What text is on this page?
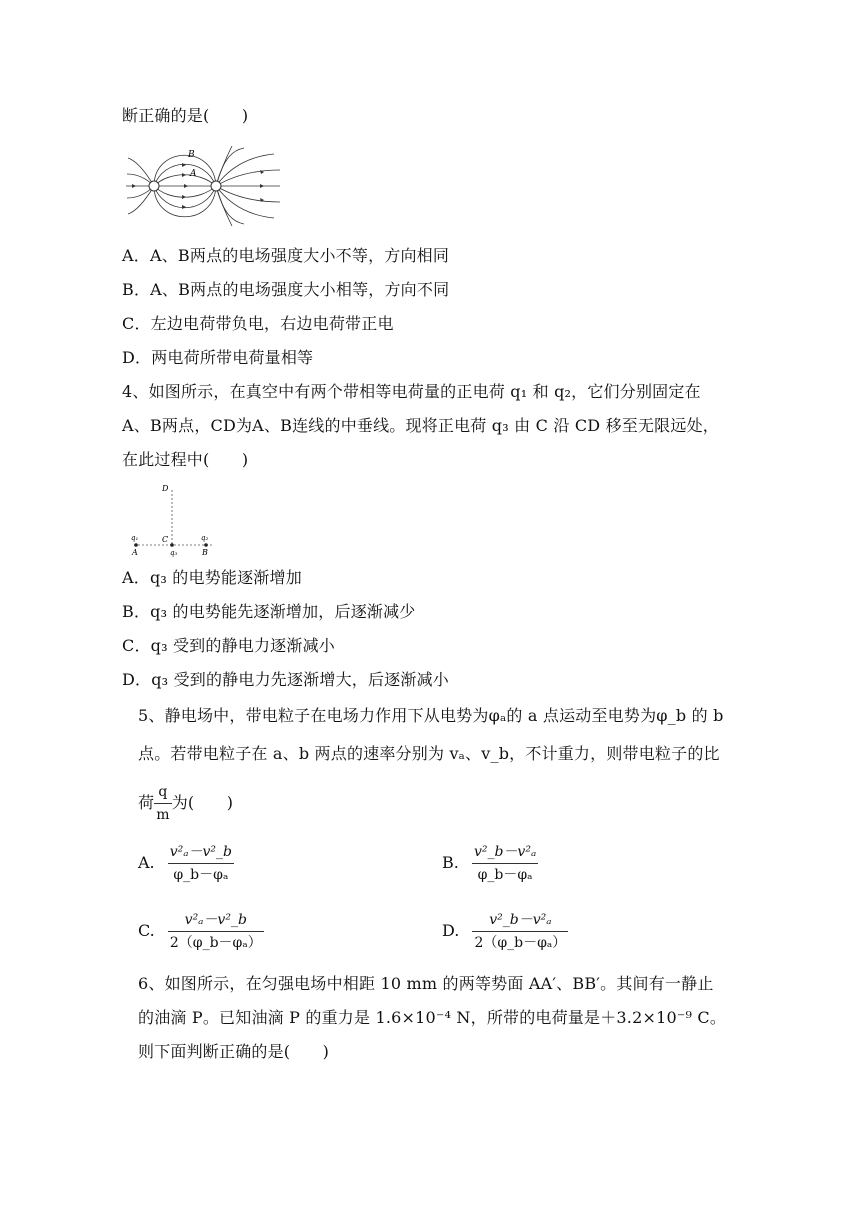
断正确的是(　　)
B
A
A．A、B两点的电场强度大小不等，方向相同
B．A、B两点的电场强度大小相等，方向不同
C．左边电荷带负电，右边电荷带正电
D．两电荷所带电荷量相等
4、如图所示，在真空中有两个带相等电荷量的正电荷 q₁ 和 q₂，它们分别固定在
A、B两点，CD为A、B连线的中垂线。现将正电荷 q₃ 由 C 沿 CD 移至无限远处，
在此过程中(　　)
D
C
q₁	q₂
q₃
A	B
A．q₃ 的电势能逐渐增加
B．q₃ 的电势能先逐渐增加，后逐渐减少
C．q₃ 受到的静电力逐渐减小
D．q₃ 受到的静电力先逐渐增大，后逐渐减小
5、静电场中，带电粒子在电场力作用下从电势为φₐ的 a 点运动至电势为φ_b 的 b
点。若带电粒子在 a、b 两点的速率分别为 vₐ、v_b，不计重力，则带电粒子的比
荷 $\frac{q}{m}$ 为(　　)
A. $\frac{\text{v²ₐ－v²\_b}}{\text{φ\_b－φₐ}}$	B. $\frac{\text{v²\_b－v²ₐ}}{\text{φ\_b－φₐ}}$
C. $\frac{\text{v²ₐ－v²\_b}}{\text{2（φ\_b－φₐ）}}$	D. $\frac{\text{v²\_b－v²ₐ}}{\text{2（φ\_b－φₐ）}}$
6、如图所示，在匀强电场中相距 10 mm 的两等势面 AA′、BB′。其间有一静止
的油滴 P。已知油滴 P 的重力是 1.6×10⁻⁴ N，所带的电荷量是＋3.2×10⁻⁹ C。
则下面判断正确的是(　　)
